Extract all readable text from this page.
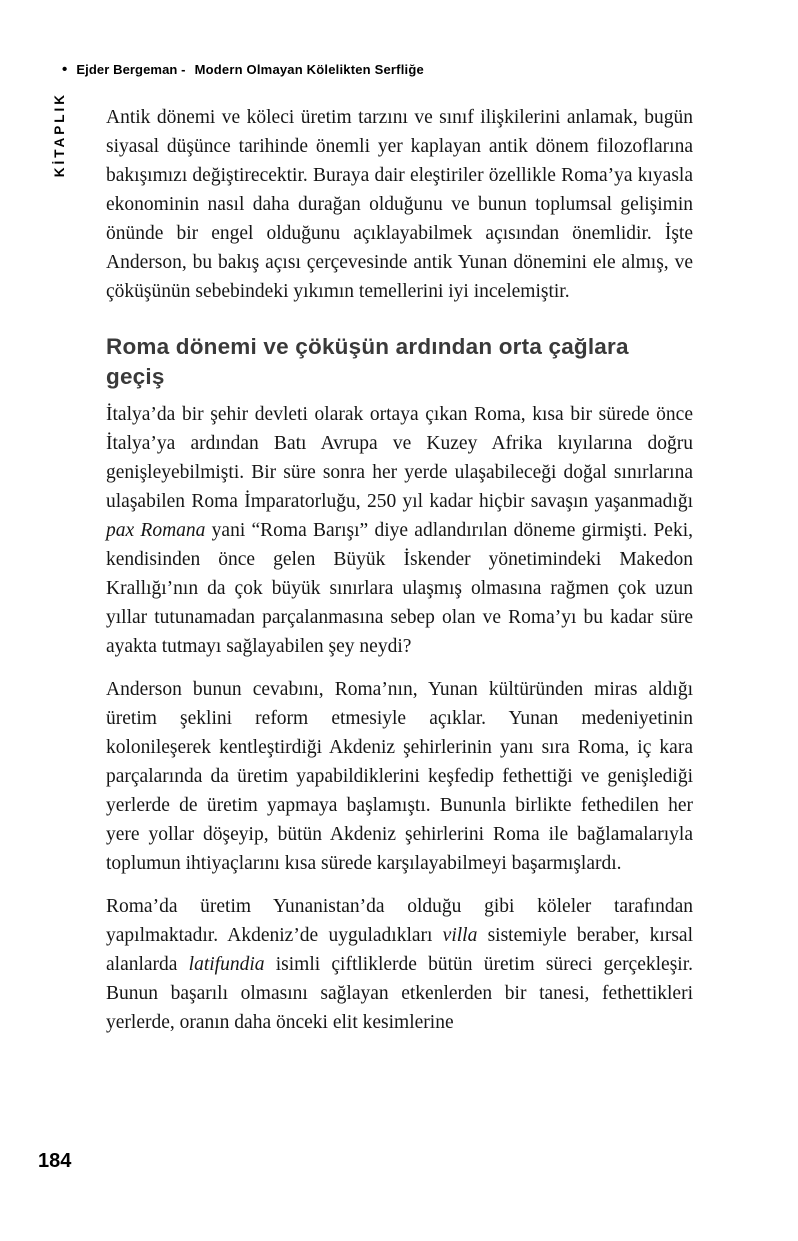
• Ejder Bergeman - Modern Olmayan Kölelikten Serfliğe
KİTAPLIK Antik dönemi ve köleci üretim tarzını ve sınıf ilişkilerini anlamak, bugün siyasal düşünce tarihinde önemli yer kaplayan antik dönem filozoflarına bakışımızı değiştirecektir. Buraya dair eleştiriler özellikle Roma’ya kıyasla ekonominin nasıl daha durağan olduğunu ve bunun toplumsal gelişimin önünde bir engel olduğunu açıklayabilmek açısından önemlidir. İşte Anderson, bu bakış açısı çerçevesinde antik Yunan dönemini ele almış, ve çöküşünün sebebindeki yıkımın temellerini iyi incelemiştir.

Roma dönemi ve çöküşün ardından orta çağlara geçiş

İtalya’da bir şehir devleti olarak ortaya çıkan Roma, kısa bir sürede önce İtalya’ya ardından Batı Avrupa ve Kuzey Afrika kıyılarına doğru genişleyebilmişti. Bir süre sonra her yerde ulaşabileceği doğal sınırlarına ulaşabilen Roma İmparatorluğu, 250 yıl kadar hiçbir savaşın yaşanmadığı pax Romana yani “Roma Barışı” diye adlandırılan döneme girmişti. Peki, kendisinden önce gelen Büyük İskender yönetimindeki Makedon Krallığı’nın da çok büyük sınırlara ulaşmış olmasına rağmen çok uzun yıllar tutunamadan parçalanmasına sebep olan ve Roma’yı bu kadar süre ayakta tutmayı sağlayabilen şey neydi?

Anderson bunun cevabını, Roma’nın, Yunan kültüründen miras aldığı üretim şeklini reform etmesiyle açıklar. Yunan medeniyetinin kolonileşerek kentleştirdiği Akdeniz şehirlerinin yanı sıra Roma, iç kara parçalarında da üretim yapabildiklerini keşfedip fethettiği ve genişlediği yerlerde de üretim yapmaya başlamıştı. Bununla birlikte fethedilen her yere yollar döşeyip, bütün Akdeniz şehirlerini Roma ile bağlamalarıyla toplumun ihtiyaçlarını kısa sürede karşılayabilmeyi başarmışlardı.

Roma’da üretim Yunanistan’da olduğu gibi köleler tarafından yapılmaktadır. Akdeniz’de uyguladıkları villa sistemiyle beraber, kırsal alanlarda latifundia isimli çiftliklerde bütün üretim süreci gerçekleşir. Bunun başarılı olmasını sağlayan etkenlerden bir tanesi, fethettikleri yerlerde, oranın daha önceki elit kesimlerine

184
